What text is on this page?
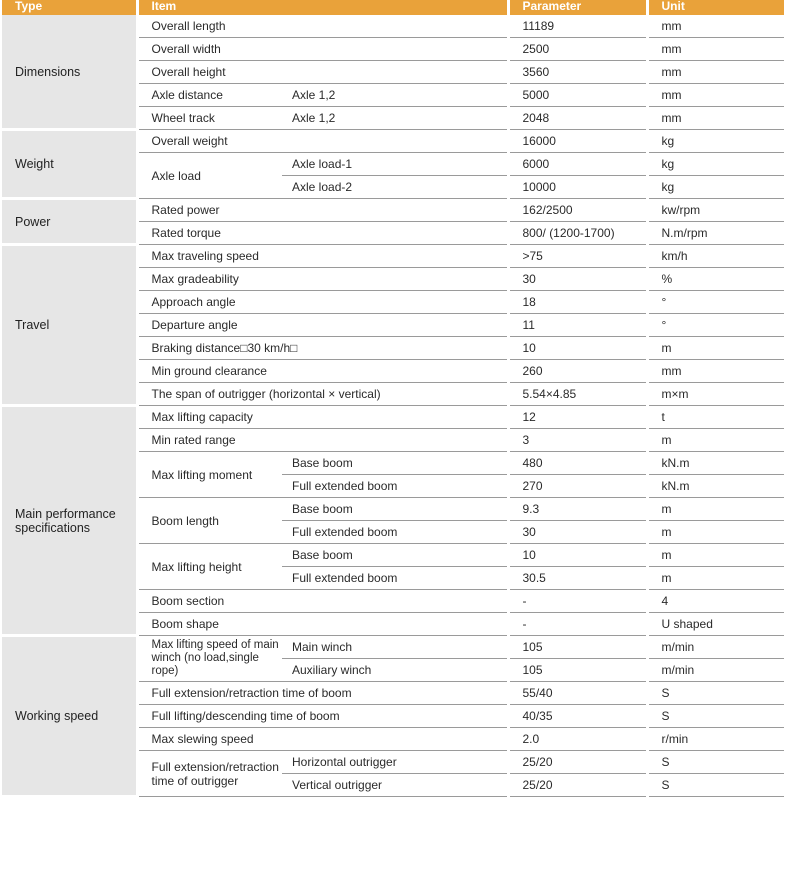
Type	Item		Parameter	Unit
Dimensions	Overall length		11189	mm
	Overall width		2500	mm
	Overall height		3560	mm
	Axle distance	Axle 1,2	5000	mm
	Wheel track	Axle 1,2	2048	mm
Weight	Overall weight		16000	kg
	Axle load	Axle load-1	6000	kg
		Axle load-2	10000	kg
Power	Rated power		162/2500	kw/rpm
	Rated torque		800/ (1200-1700)	N.m/rpm
Travel	Max traveling speed		>75	km/h
	Max gradeability		30	%
	Approach angle		18	°
	Departure angle		11	°
	Braking distance□30 km/h□		10	m
	Min ground clearance		260	mm
	The span of outrigger (horizontal × vertical)		5.54×4.85	m×m
Main performance specifications	Max lifting capacity		12	t
	Min rated range		3	m
	Max lifting moment	Base boom	480	kN.m
		Full extended boom	270	kN.m
	Boom length	Base boom	9.3	m
		Full extended boom	30	m
	Max lifting height	Base boom	10	m
		Full extended boom	30.5	m
	Boom section		-	4
	Boom shape		-	U shaped
Working speed	Max lifting speed of main winch (no load,single rope)	Main winch	105	m/min
		Auxiliary winch	105	m/min
	Full extension/retraction time of boom		55/40	S
	Full lifting/descending time of boom		40/35	S
	Max slewing speed		2.0	r/min
	Full extension/retraction time of outrigger	Horizontal outrigger	25/20	S
		Vertical outrigger	25/20	S
